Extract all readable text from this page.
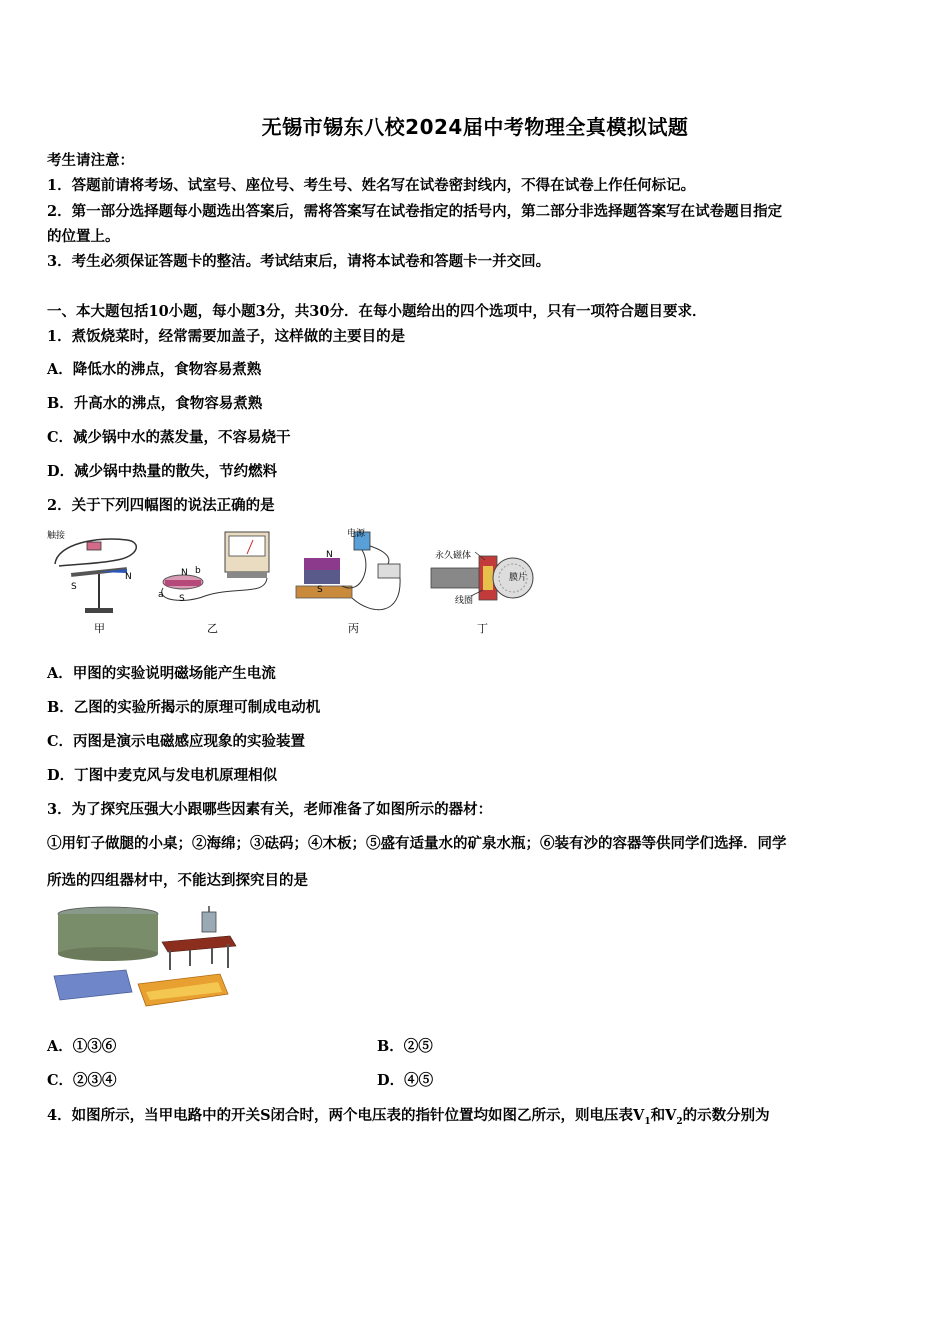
无锡市锡东八校2024届中考物理全真模拟试题
考生请注意：
1．答题前请将考场、试室号、座位号、考生号、姓名写在试卷密封线内，不得在试卷上作任何标记。
2．第一部分选择题每小题选出答案后，需将答案写在试卷指定的括号内，第二部分非选择题答案写在试卷题目指定
的位置上。
3．考生必须保证答题卡的整洁。考试结束后，请将本试卷和答题卡一并交回。
一、本大题包括10小题，每小题3分，共30分．在每小题给出的四个选项中，只有一项符合题目要求．
1．煮饭烧菜时，经常需要加盖子，这样做的主要目的是
A．降低水的沸点，食物容易煮熟
B．升高水的沸点，食物容易煮熟
C．减少锅中水的蒸发量，不容易烧干
D．减少锅中热量的散失，节约燃料
2．关于下列四幅图的说法正确的是
触接
N
S
甲
N b
a S
乙
电源
N
S
丙
永久磁体
线圈
膜片
丁
A．甲图的实验说明磁场能产生电流
B．乙图的实验所揭示的原理可制成电动机
C．丙图是演示电磁感应现象的实验装置
D．丁图中麦克风与发电机原理相似
3．为了探究压强大小跟哪些因素有关，老师准备了如图所示的器材：
①用钉子做腿的小桌；②海绵；③砝码；④木板；⑤盛有适量水的矿泉水瓶；⑥装有沙的容器等供同学们选择．同学
所选的四组器材中，不能达到探究目的是
A．①③⑥	B．②⑤
C．②③④	D．④⑤
4．如图所示，当甲电路中的开关S闭合时，两个电压表的指针位置均如图乙所示，则电压表$V_1$和$V_2$的示数分别为
